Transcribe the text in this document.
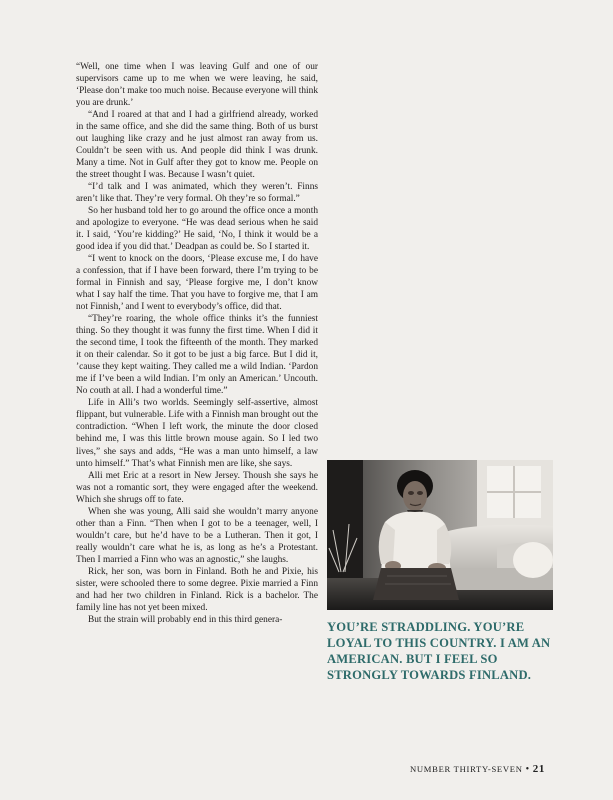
“Well, one time when I was leaving Gulf and one of our supervisors came up to me when we were leaving, he said, ‘Please don’t make too much noise. Because everyone will think you are drunk.’

“And I roared at that and I had a girlfriend already, worked in the same office, and she did the same thing. Both of us burst out laughing like crazy and he just almost ran away from us. Couldn’t be seen with us. And people did think I was drunk. Many a time. Not in Gulf after they got to know me. People on the street thought I was. Because I wasn’t quiet.

“I’d talk and I was animated, which they weren’t. Finns aren’t like that. They’re very formal. Oh they’re so formal.”

So her husband told her to go around the office once a month and apologize to everyone. “He was dead serious when he said it. I said, ‘You’re kidding?’ He said, ‘No, I think it would be a good idea if you did that.’ Deadpan as could be. So I started it.

“I went to knock on the doors, ‘Please excuse me, I do have a confession, that if I have been forward, there I’m trying to be formal in Finnish and say, ‘Please forgive me, I don’t know what I say half the time. That you have to forgive me, that I am not Finnish,’ and I went to everybody’s office, did that.

“They’re roaring, the whole office thinks it’s the funniest thing. So they thought it was funny the first time. When I did it the second time, I took the fifteenth of the month. They marked it on their calendar. So it got to be just a big farce. But I did it, ’cause they kept waiting. They called me a wild Indian. ‘Pardon me if I’ve been a wild Indian. I’m only an American.’ Uncouth. No couth at all. I had a wonderful time.”

Life in Alli’s two worlds. Seemingly self-assertive, almost flippant, but vulnerable. Life with a Finnish man brought out the contradiction. “When I left work, the minute the door closed behind me, I was this little brown mouse again. So I led two lives,” she says and adds, “He was a man unto himself, a law unto himself.” That’s what Finnish men are like, she says.

Alli met Eric at a resort in New Jersey. Thoush she says he was not a romantic sort, they were engaged after the weekend. Which she shrugs off to fate.

When she was young, Alli said she wouldn’t marry anyone other than a Finn. “Then when I got to be a teenager, well, I wouldn’t care, but he’d have to be a Lutheran. Then it got, I really wouldn’t care what he is, as long as he’s a Protestant. Then I married a Finn who was an agnostic,” she laughs.

Rick, her son, was born in Finland. Both he and Pixie, his sister, were schooled there to some degree. Pixie married a Finn and had her two children in Finland. Rick is a bachelor. The family line has not yet been mixed.

But the strain will probably end in this third genera-

YOU’RE STRADDLING. YOU’RE LOYAL TO THIS COUNTRY. I AM AN AMERICAN. BUT I FEEL SO STRONGLY TOWARDS FINLAND.
NUMBER THIRTY-SEVEN • 21
